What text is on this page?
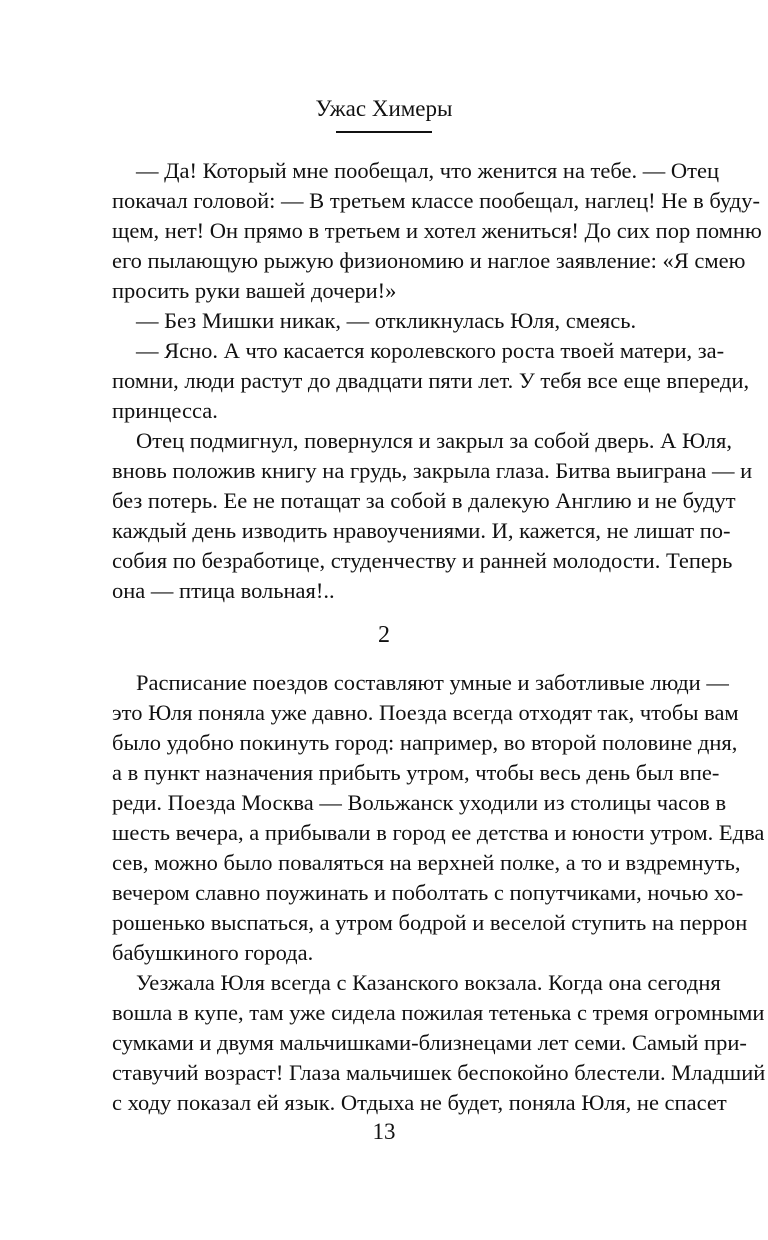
Ужас Химеры
— Да! Который мне пообещал, что женится на тебе. — Отец
покачал головой: — В третьем классе пообещал, наглец! Не в буду-
щем, нет! Он прямо в третьем и хотел жениться! До сих пор помню
его пылающую рыжую физиономию и наглое заявление: «Я смею
просить руки вашей дочери!»
— Без Мишки никак, — откликнулась Юля, смеясь.
— Ясно. А что касается королевского роста твоей матери, за-
помни, люди растут до двадцати пяти лет. У тебя все еще впереди,
принцесса.
Отец подмигнул, повернулся и закрыл за собой дверь. А Юля,
вновь положив книгу на грудь, закрыла глаза. Битва выиграна — и
без потерь. Ее не потащат за собой в далекую Англию и не будут
каждый день изводить нравоучениями. И, кажется, не лишат по-
собия по безработице, студенчеству и ранней молодости. Теперь
она — птица вольная!..
2
Расписание поездов составляют умные и заботливые люди —
это Юля поняла уже давно. Поезда всегда отходят так, чтобы вам
было удобно покинуть город: например, во второй половине дня,
а в пункт назначения прибыть утром, чтобы весь день был впе-
реди. Поезда Москва — Вольжанск уходили из столицы часов в
шесть вечера, а прибывали в город ее детства и юности утром. Едва
сев, можно было поваляться на верхней полке, а то и вздремнуть,
вечером славно поужинать и поболтать с попутчиками, ночью хо-
рошенько выспаться, а утром бодрой и веселой ступить на перрон
бабушкиного города.
Уезжала Юля всегда с Казанского вокзала. Когда она сегодня
вошла в купе, там уже сидела пожилая тетенька с тремя огромными
сумками и двумя мальчишками-близнецами лет семи. Самый при-
ставучий возраст! Глаза мальчишек беспокойно блестели. Младший
с ходу показал ей язык. Отдыха не будет, поняла Юля, не спасет
13
